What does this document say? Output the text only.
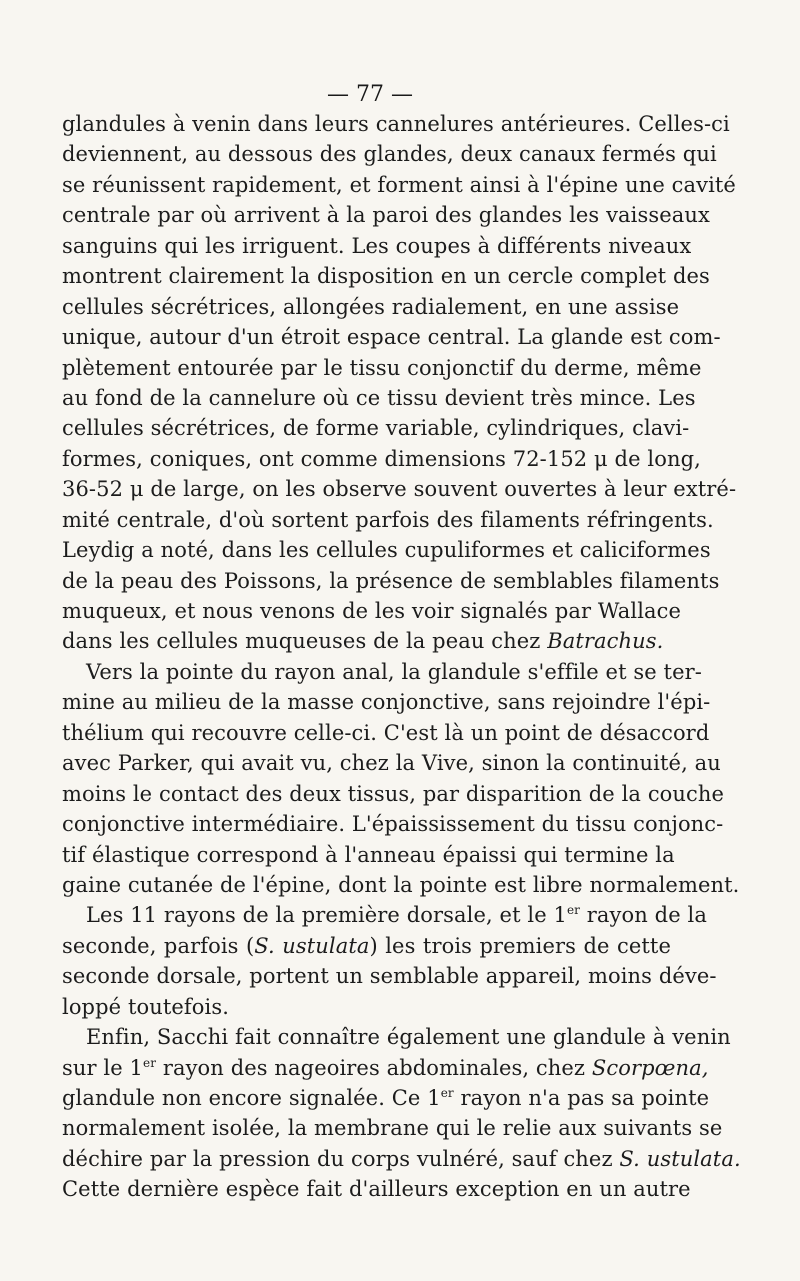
— 77 —
glandules à venin dans leurs cannelures antérieures. Celles-ci
deviennent, au dessous des glandes, deux canaux fermés qui
se réunissent rapidement, et forment ainsi à l'épine une cavité
centrale par où arrivent à la paroi des glandes les vaisseaux
sanguins qui les irriguent. Les coupes à différents niveaux
montrent clairement la disposition en un cercle complet des
cellules sécrétrices, allongées radialement, en une assise
unique, autour d'un étroit espace central. La glande est com-
plètement entourée par le tissu conjonctif du derme, même
au fond de la cannelure où ce tissu devient très mince. Les
cellules sécrétrices, de forme variable, cylindriques, clavi-
formes, coniques, ont comme dimensions 72-152 μ de long,
36-52 μ de large, on les observe souvent ouvertes à leur extré-
mité centrale, d'où sortent parfois des filaments réfringents.
Leydig a noté, dans les cellules cupuliformes et caliciformes
de la peau des Poissons, la présence de semblables filaments
muqueux, et nous venons de les voir signalés par Wallace
dans les cellules muqueuses de la peau chez Batrachus.
Vers la pointe du rayon anal, la glandule s'effile et se ter-
mine au milieu de la masse conjonctive, sans rejoindre l'épi-
thélium qui recouvre celle-ci. C'est là un point de désaccord
avec Parker, qui avait vu, chez la Vive, sinon la continuité, au
moins le contact des deux tissus, par disparition de la couche
conjonctive intermédiaire. L'épaississement du tissu conjonc-
tif élastique correspond à l'anneau épaissi qui termine la
gaine cutanée de l'épine, dont la pointe est libre normalement.
Les 11 rayons de la première dorsale, et le 1er rayon de la
seconde, parfois (S. ustulata) les trois premiers de cette
seconde dorsale, portent un semblable appareil, moins déve-
loppé toutefois.
Enfin, Sacchi fait connaître également une glandule à venin
sur le 1er rayon des nageoires abdominales, chez Scorpœna,
glandule non encore signalée. Ce 1er rayon n'a pas sa pointe
normalement isolée, la membrane qui le relie aux suivants se
déchire par la pression du corps vulnéré, sauf chez S. ustulata.
Cette dernière espèce fait d'ailleurs exception en un autre
